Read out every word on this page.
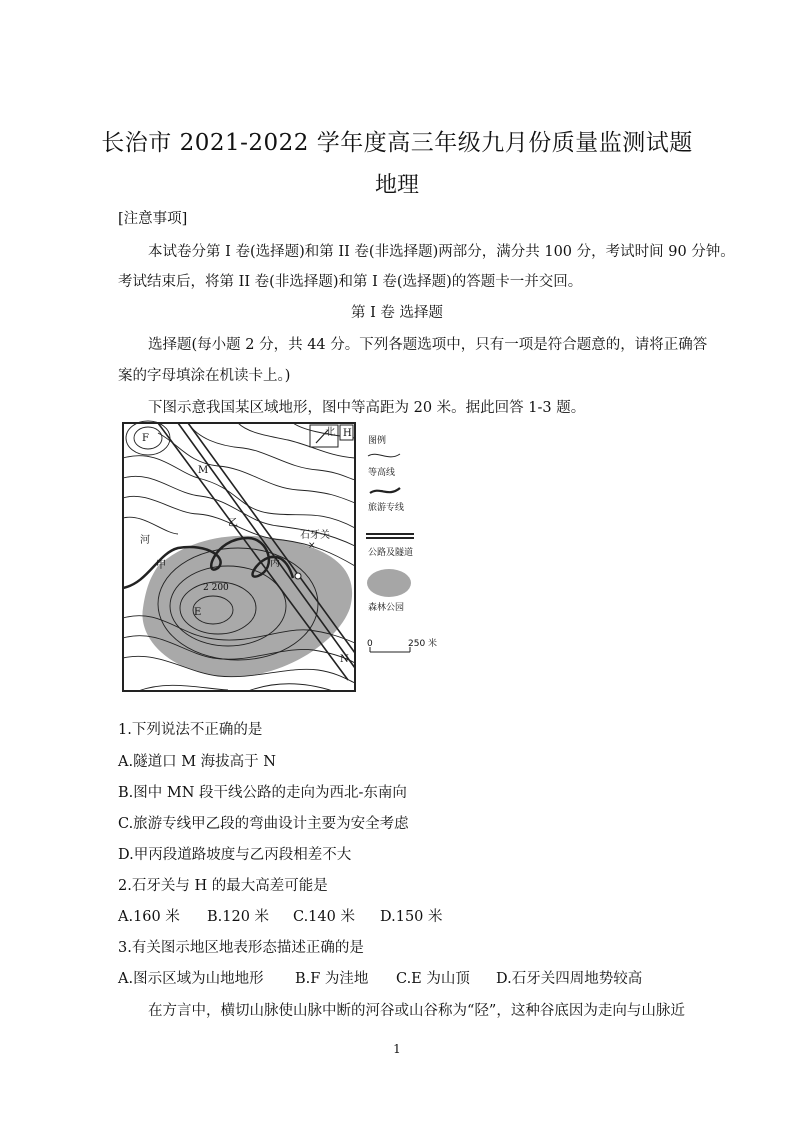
长治市 2021-2022 学年度高三年级九月份质量监测试题
地理
[注意事项]
本试卷分第 I 卷(选择题)和第 II 卷(非选择题)两部分，满分共 100 分，考试时间 90 分钟。
考试结束后，将第 II 卷(非选择题)和第 I 卷(选择题)的答题卡一并交回。
第 I 卷 选择题
选择题(每小题 2 分，共 44 分。下列各题选项中，只有一项是符合题意的，请将正确答
案的字母填涂在机读卡上。)
下图示意我国某区域地形，图中等高距为 20 米。据此回答 1-3 题。
F	H
北
M
N
E
河
甲
乙
丙
石牙关
×
2 200
图例
等高线
旅游专线
公路及隧道
森林公园
0	250 米
1.下列说法不正确的是
A.隧道口 M 海拔高于 N
B.图中 MN 段干线公路的走向为西北-东南向
C.旅游专线甲乙段的弯曲设计主要为安全考虑
D.甲丙段道路坡度与乙丙段相差不大
2.石牙关与 H 的最大高差可能是
A.160 米 B.120 米 C.140 米 D.150 米
3.有关图示地区地表形态描述正确的是
A.图示区域为山地地形 B.F 为洼地 C.E 为山顶 D.石牙关四周地势较高
在方言中，横切山脉使山脉中断的河谷或山谷称为“陉”，这种谷底因为走向与山脉近
1
